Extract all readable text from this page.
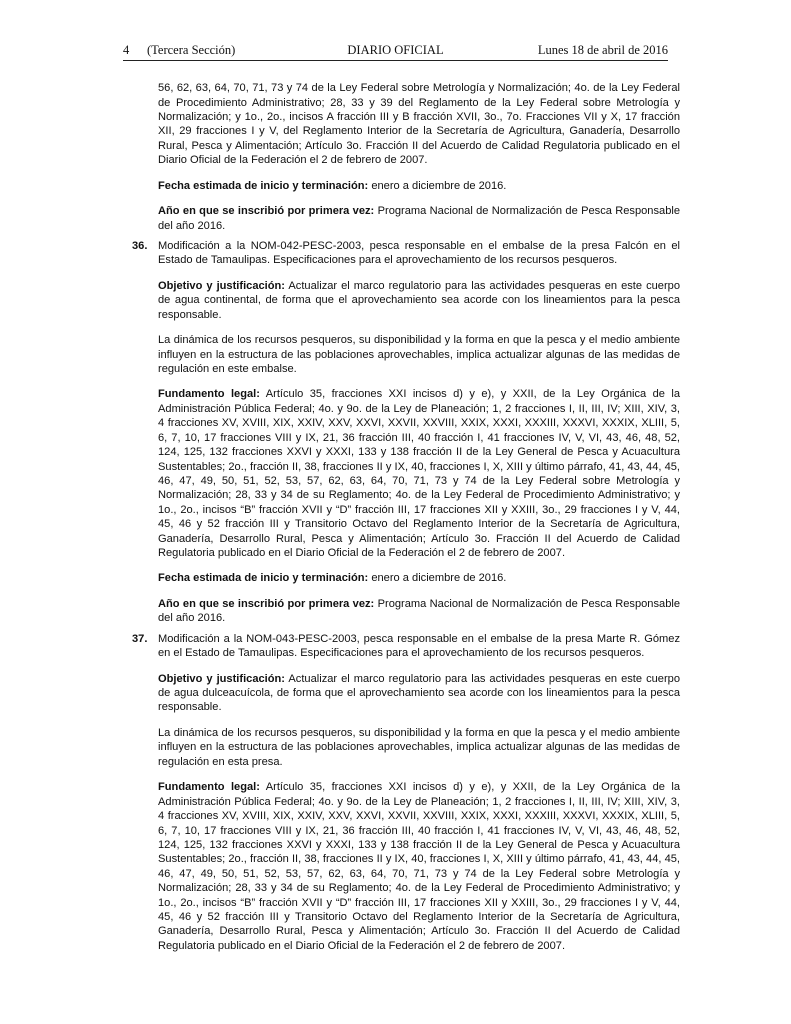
4 (Tercera Sección)	DIARIO OFICIAL	Lunes 18 de abril de 2016

56, 62, 63, 64, 70, 71, 73 y 74 de la Ley Federal sobre Metrología y Normalización; 4o. de la Ley Federal de Procedimiento Administrativo; 28, 33 y 39 del Reglamento de la Ley Federal sobre Metrología y Normalización; y 1o., 2o., incisos A fracción III y B fracción XVII, 3o., 7o. Fracciones VII y X, 17 fracción XII, 29 fracciones I y V, del Reglamento Interior de la Secretaría de Agricultura, Ganadería, Desarrollo Rural, Pesca y Alimentación; Artículo 3o. Fracción II del Acuerdo de Calidad Regulatoria publicado en el Diario Oficial de la Federación el 2 de febrero de 2007.

Fecha estimada de inicio y terminación: enero a diciembre de 2016.

Año en que se inscribió por primera vez: Programa Nacional de Normalización de Pesca Responsable del año 2016.

36. Modificación a la NOM-042-PESC-2003, pesca responsable en el embalse de la presa Falcón en el Estado de Tamaulipas. Especificaciones para el aprovechamiento de los recursos pesqueros.

Objetivo y justificación: Actualizar el marco regulatorio para las actividades pesqueras en este cuerpo de agua continental, de forma que el aprovechamiento sea acorde con los lineamientos para la pesca responsable.

La dinámica de los recursos pesqueros, su disponibilidad y la forma en que la pesca y el medio ambiente influyen en la estructura de las poblaciones aprovechables, implica actualizar algunas de las medidas de regulación en este embalse.

Fundamento legal: Artículo 35, fracciones XXI incisos d) y e), y XXII, de la Ley Orgánica de la Administración Pública Federal; 4o. y 9o. de la Ley de Planeación; 1, 2 fracciones I, II, III, IV; XIII, XIV, 3, 4 fracciones XV, XVIII, XIX, XXIV, XXV, XXVI, XXVII, XXVIII, XXIX, XXXI, XXXIII, XXXVI, XXXIX, XLIII, 5, 6, 7, 10, 17 fracciones VIII y IX, 21, 36 fracción III, 40 fracción I, 41 fracciones IV, V, VI, 43, 46, 48, 52, 124, 125, 132 fracciones XXVI y XXXI, 133 y 138 fracción II de la Ley General de Pesca y Acuacultura Sustentables; 2o., fracción II, 38, fracciones II y IX, 40, fracciones I, X, XIII y último párrafo, 41, 43, 44, 45, 46, 47, 49, 50, 51, 52, 53, 57, 62, 63, 64, 70, 71, 73 y 74 de la Ley Federal sobre Metrología y Normalización; 28, 33 y 34 de su Reglamento; 4o. de la Ley Federal de Procedimiento Administrativo; y 1o., 2o., incisos “B” fracción XVII y “D” fracción III, 17 fracciones XII y XXIII, 3o., 29 fracciones I y V, 44, 45, 46 y 52 fracción III y Transitorio Octavo del Reglamento Interior de la Secretaría de Agricultura, Ganadería, Desarrollo Rural, Pesca y Alimentación; Artículo 3o. Fracción II del Acuerdo de Calidad Regulatoria publicado en el Diario Oficial de la Federación el 2 de febrero de 2007.

Fecha estimada de inicio y terminación: enero a diciembre de 2016.

Año en que se inscribió por primera vez: Programa Nacional de Normalización de Pesca Responsable del año 2016.

37. Modificación a la NOM-043-PESC-2003, pesca responsable en el embalse de la presa Marte R. Gómez en el Estado de Tamaulipas. Especificaciones para el aprovechamiento de los recursos pesqueros.

Objetivo y justificación: Actualizar el marco regulatorio para las actividades pesqueras en este cuerpo de agua dulceacuícola, de forma que el aprovechamiento sea acorde con los lineamientos para la pesca responsable.

La dinámica de los recursos pesqueros, su disponibilidad y la forma en que la pesca y el medio ambiente influyen en la estructura de las poblaciones aprovechables, implica actualizar algunas de las medidas de regulación en esta presa.

Fundamento legal: Artículo 35, fracciones XXI incisos d) y e), y XXII, de la Ley Orgánica de la Administración Pública Federal; 4o. y 9o. de la Ley de Planeación; 1, 2 fracciones I, II, III, IV; XIII, XIV, 3, 4 fracciones XV, XVIII, XIX, XXIV, XXV, XXVI, XXVII, XXVIII, XXIX, XXXI, XXXIII, XXXVI, XXXIX, XLIII, 5, 6, 7, 10, 17 fracciones VIII y IX, 21, 36 fracción III, 40 fracción I, 41 fracciones IV, V, VI, 43, 46, 48, 52, 124, 125, 132 fracciones XXVI y XXXI, 133 y 138 fracción II de la Ley General de Pesca y Acuacultura Sustentables; 2o., fracción II, 38, fracciones II y IX, 40, fracciones I, X, XIII y último párrafo, 41, 43, 44, 45, 46, 47, 49, 50, 51, 52, 53, 57, 62, 63, 64, 70, 71, 73 y 74 de la Ley Federal sobre Metrología y Normalización; 28, 33 y 34 de su Reglamento; 4o. de la Ley Federal de Procedimiento Administrativo; y 1o., 2o., incisos “B” fracción XVII y “D” fracción III, 17 fracciones XII y XXIII, 3o., 29 fracciones I y V, 44, 45, 46 y 52 fracción III y Transitorio Octavo del Reglamento Interior de la Secretaría de Agricultura, Ganadería, Desarrollo Rural, Pesca y Alimentación; Artículo 3o. Fracción II del Acuerdo de Calidad Regulatoria publicado en el Diario Oficial de la Federación el 2 de febrero de 2007.
